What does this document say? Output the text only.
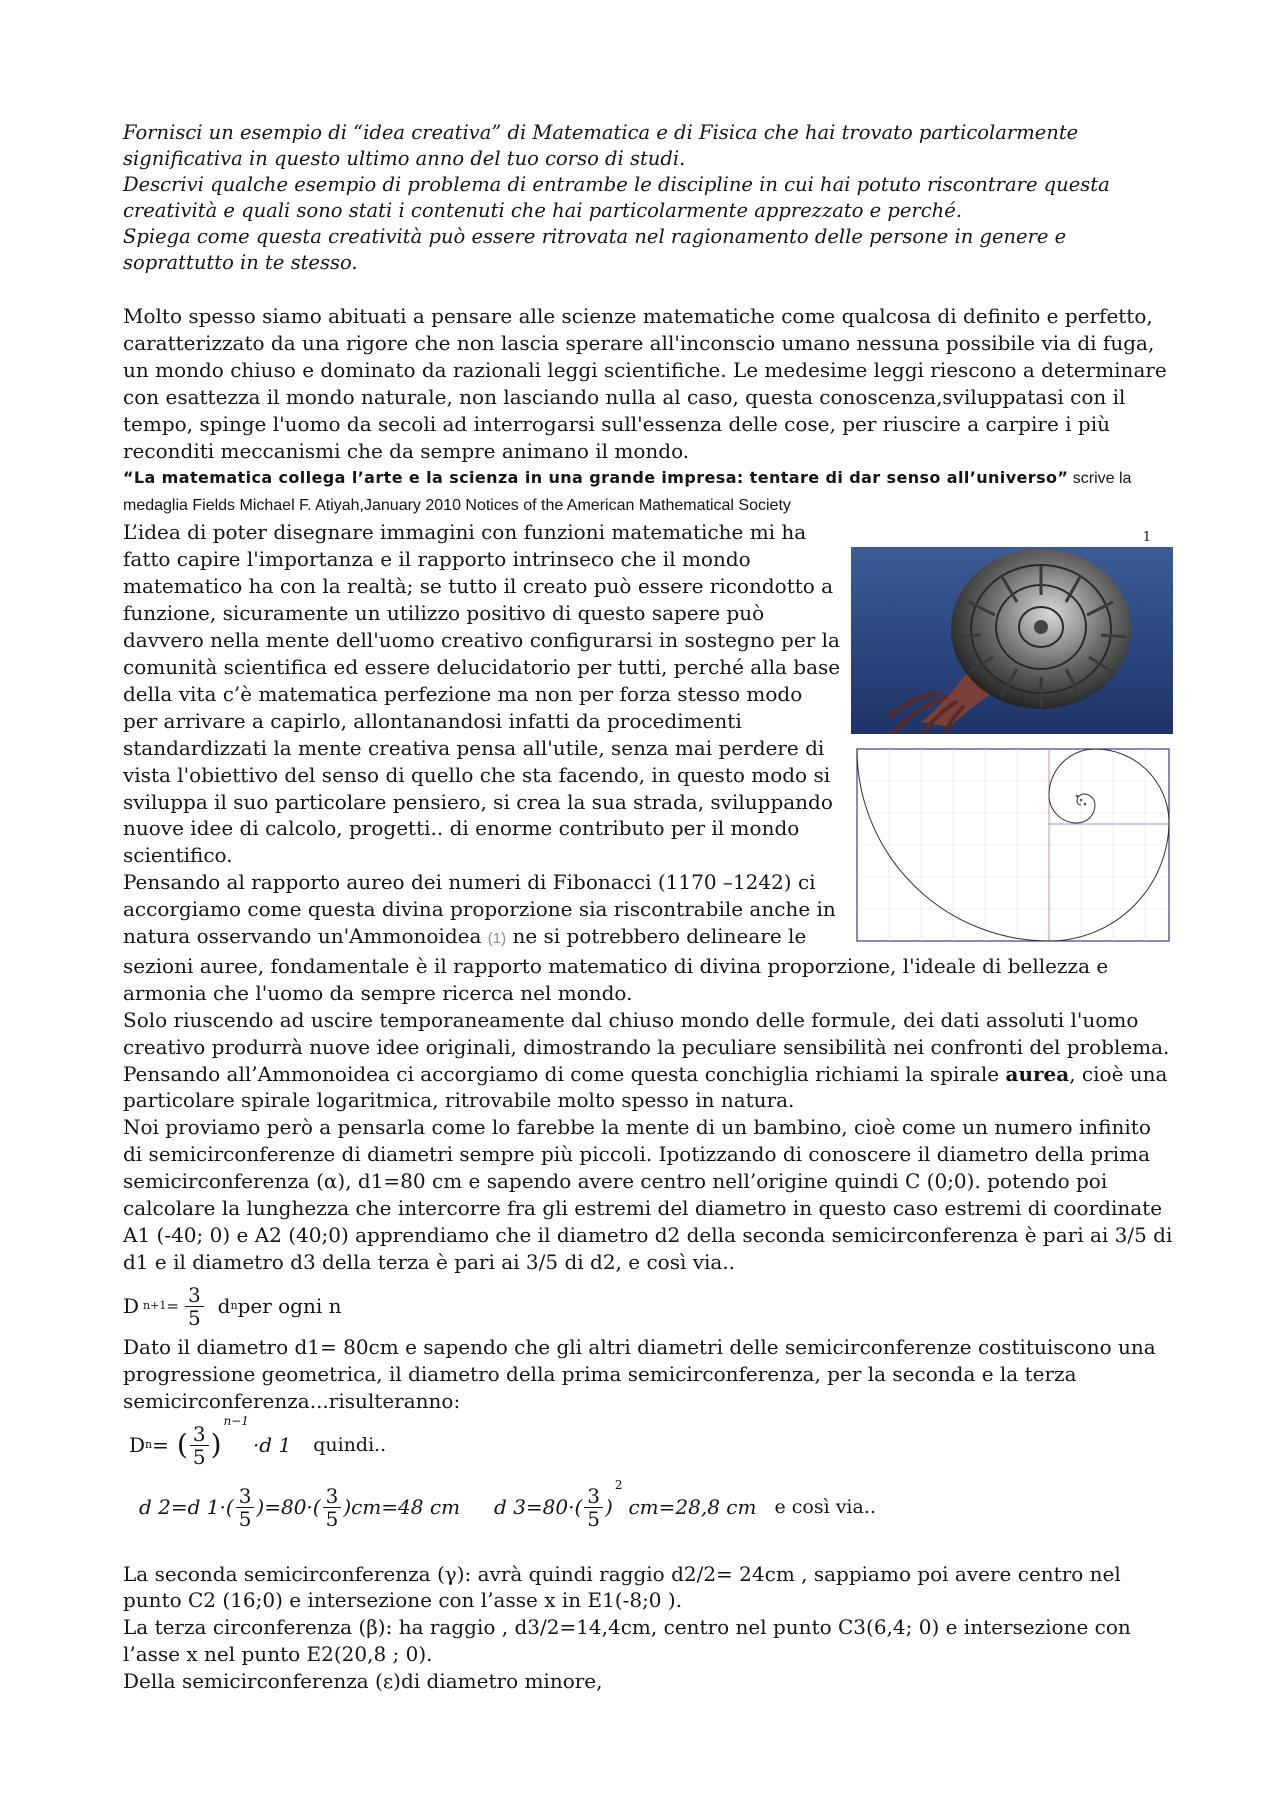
Fornisci un esempio di “idea creativa” di Matematica e di Fisica che hai trovato particolarmente significativa in questo ultimo anno del tuo corso di studi.

Descrivi qualche esempio di problema di entrambe le discipline in cui hai potuto riscontrare questa creatività e quali sono stati i contenuti che hai particolarmente apprezzato e perché.

Spiega come questa creatività può essere ritrovata nel ragionamento delle persone in genere e soprattutto in te stesso.

Molto spesso siamo abituati a pensare alle scienze matematiche come qualcosa di definito e perfetto, caratterizzato da una rigore che non lascia sperare all'inconscio umano nessuna possibile via di fuga, un mondo chiuso e dominato da razionali leggi scientifiche. Le medesime leggi riescono a determinare con esattezza il mondo naturale, non lasciando nulla al caso, questa conoscenza,sviluppatasi con il tempo, spinge l'uomo da secoli ad interrogarsi sull'essenza delle cose, per riuscire a carpire i più reconditi meccanismi che da sempre animano il mondo.

“La matematica collega l’arte e la scienza in una grande impresa: tentare di dar senso all’universo” scrive la medaglia Fields Michael F. Atiyah,January 2010 Notices of the American Mathematical Society

1

L’idea di poter disegnare immagini con funzioni matematiche mi ha fatto capire l'importanza e il rapporto intrinseco che il mondo matematico ha con la realtà; se tutto il creato può essere ricondotto a funzione, sicuramente un utilizzo positivo di questo sapere può davvero nella mente dell'uomo creativo configurarsi in sostegno per la comunità scientifica ed essere delucidatorio per tutti, perché alla base della vita c’è matematica perfezione ma non per forza stesso modo per arrivare a capirlo, allontanandosi infatti da procedimenti standardizzati la mente creativa pensa all'utile, senza mai perdere di vista l'obiettivo del senso di quello che sta facendo, in questo modo si sviluppa il suo particolare pensiero, si crea la sua strada, sviluppando nuove idee di calcolo, progetti.. di enorme contributo per il mondo scientifico.

Pensando al rapporto aureo dei numeri di Fibonacci (1170 –1242) ci accorgiamo come questa divina proporzione sia riscontrabile anche in natura osservando un'Ammonoidea (1) ne si potrebbero delineare le sezioni auree, fondamentale è il rapporto matematico di divina proporzione, l'ideale di bellezza e armonia che l'uomo da sempre ricerca nel mondo.

Solo riuscendo ad uscire temporaneamente dal chiuso mondo delle formule, dei dati assoluti l'uomo creativo produrrà nuove idee originali, dimostrando la peculiare sensibilità nei confronti del problema.

Pensando all’Ammonoidea ci accorgiamo di come questa conchiglia richiami la spirale aurea, cioè una particolare spirale logaritmica, ritrovabile molto spesso in natura.

Noi proviamo però a pensarla come lo farebbe la mente di un bambino, cioè come un numero infinito di semicirconferenze di diametri sempre più piccoli. Ipotizzando di conoscere il diametro della prima semicirconferenza (α), d1=80 cm e sapendo avere centro nell’origine quindi C (0;0). potendo poi calcolare la lunghezza che intercorre fra gli estremi del diametro in questo caso estremi di coordinate A1 (-40; 0) e A2 (40;0) apprendiamo che il diametro d2 della seconda semicirconferenza è pari ai 3/5 di d1 e il diametro d3 della terza è pari ai 3/5 di d2, e così via..

D $n+1 = \frac{3}{5}$ d n per ogni n

Dato il diametro d1= 80cm e sapendo che gli altri diametri delle semicirconferenze costituiscono una progressione geometrica, il diametro della prima semicirconferenza, per la seconda e la terza semicirconferenza...risulteranno:

D n = ( $\frac{3}{5}$ )
n−1
·d 1 quindi..
d 2=d $1\cdot( \frac{3}{5} )=80\cdot( \frac{3}{5} )cm=48$ cm d $3=80\cdot( \frac{3}{5}$ )
2
cm=28,8 cm e così via..

La seconda semicirconferenza (γ): avrà quindi raggio d2/2= 24cm , sappiamo poi avere centro nel punto C2 (16;0) e intersezione con l’asse x in E1(-8;0 ).

La terza circonferenza (β): ha raggio , d3/2=14,4cm, centro nel punto C3(6,4; 0) e intersezione con l’asse x nel punto E2(20,8 ; 0).

Della semicirconferenza (ε)di diametro minore,
